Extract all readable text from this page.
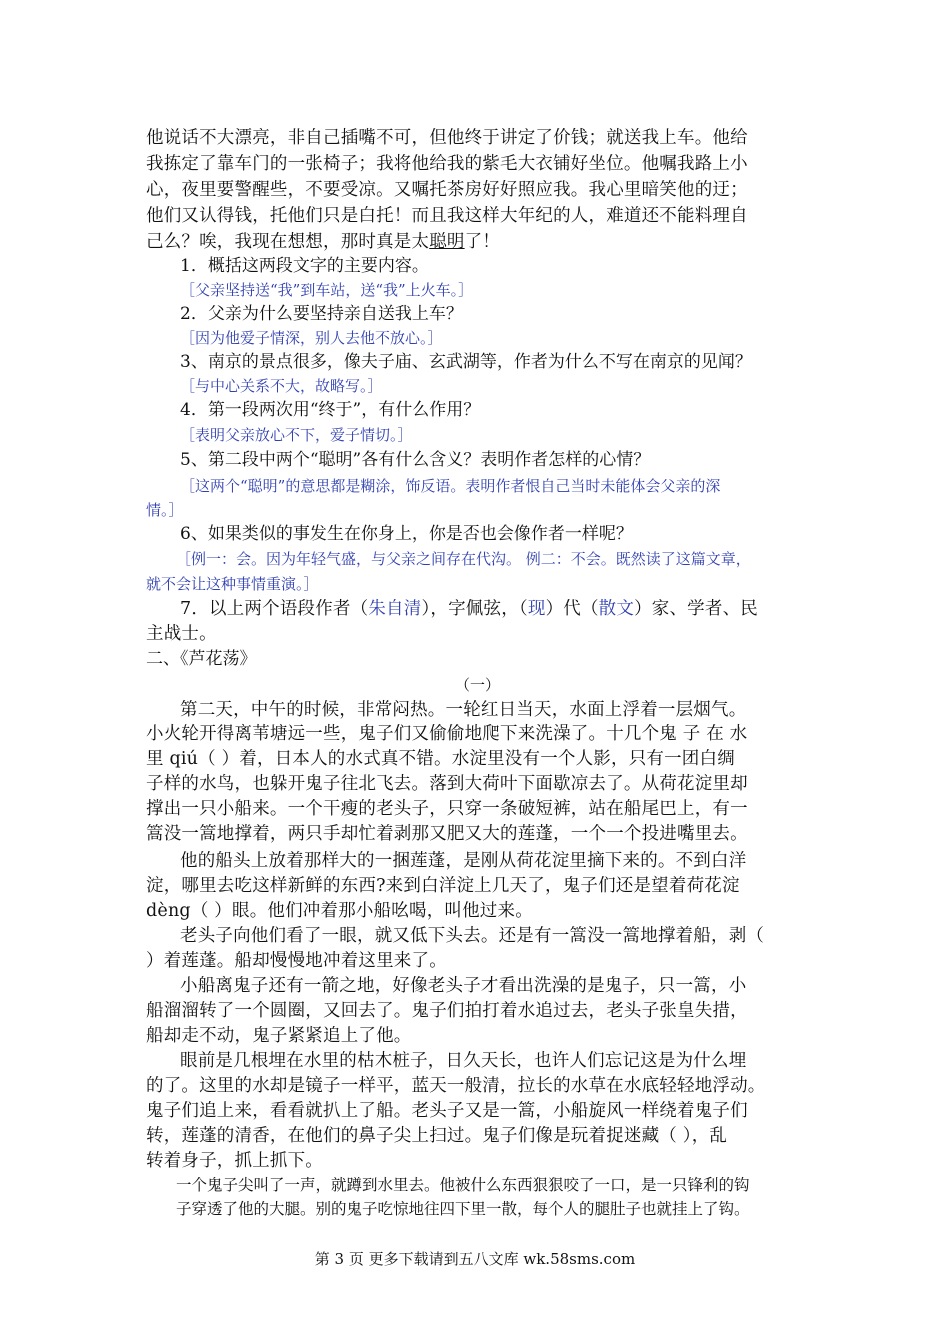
他说话不大漂亮，非自己插嘴不可，但他终于讲定了价钱；就送我上车。他给
我拣定了靠车门的一张椅子；我将他给我的紫毛大衣铺好坐位。他嘱我路上小
心，夜里要警醒些，不要受凉。又嘱托茶房好好照应我。我心里暗笑他的迂；
他们又认得钱，托他们只是白托！而且我这样大年纪的人，难道还不能料理自
己么？唉，我现在想想，那时真是太聪明了！
1．概括这两段文字的主要内容。
［父亲坚持送“我”到车站，送“我”上火车。］
2．父亲为什么要坚持亲自送我上车？
［因为他爱子情深，别人去他不放心。］
3、南京的景点很多，像夫子庙、玄武湖等，作者为什么不写在南京的见闻？
［与中心关系不大，故略写。］
4．第一段两次用“终于”，有什么作用？
［表明父亲放心不下，爱子情切。］
5、第二段中两个“聪明”各有什么含义？表明作者怎样的心情？
［这两个“聪明”的意思都是糊涂，饰反语。表明作者恨自己当时未能体会父亲的深
情。］
6、如果类似的事发生在你身上，你是否也会像作者一样呢？
［例一：会。因为年轻气盛，与父亲之间存在代沟。 例二：不会。既然读了这篇文章，
就不会让这种事情重演。］
7．以上两个语段作者（朱自清），字佩弦，（现）代（散文）家、学者、民
主战士。
二、《芦花荡》
（一）
第二天，中午的时候，非常闷热。一轮红日当天，水面上浮着一层烟气。
小火轮开得离苇塘远一些，鬼子们又偷偷地爬下来洗澡了。十几个鬼 子 在 水
里 qiú（ ）着，日本人的水式真不错。水淀里没有一个人影，只有一团白绸
子样的水鸟，也躲开鬼子往北飞去。落到大荷叶下面歇凉去了。从荷花淀里却
撑出一只小船来。一个干瘦的老头子，只穿一条破短裤，站在船尾巴上，有一
篙没一篙地撑着，两只手却忙着剥那又肥又大的莲蓬，一个一个投进嘴里去。
他的船头上放着那样大的一捆莲蓬，是刚从荷花淀里摘下来的。不到白洋
淀，哪里去吃这样新鲜的东西?来到白洋淀上几天了，鬼子们还是望着荷花淀
dèng（ ）眼。他们冲着那小船吆喝，叫他过来。
老头子向他们看了一眼，就又低下头去。还是有一篙没一篙地撑着船，剥（
）着莲蓬。船却慢慢地冲着这里来了。
小船离鬼子还有一箭之地，好像老头子才看出洗澡的是鬼子，只一篙，小
船溜溜转了一个圆圈，又回去了。鬼子们拍打着水追过去，老头子张皇失措，
船却走不动，鬼子紧紧追上了他。
眼前是几根埋在水里的枯木桩子，日久天长，也许人们忘记这是为什么埋
的了。这里的水却是镜子一样平，蓝天一般清，拉长的水草在水底轻轻地浮动。
鬼子们追上来，看看就扒上了船。老头子又是一篙，小船旋风一样绕着鬼子们
转，莲蓬的清香，在他们的鼻子尖上扫过。鬼子们像是玩着捉迷藏（ ），乱
转着身子，抓上抓下。
一个鬼子尖叫了一声，就蹲到水里去。他被什么东西狠狠咬了一口，是一只锋利的钩
子穿透了他的大腿。别的鬼子吃惊地往四下里一散，每个人的腿肚子也就挂上了钩。
第 3 页 更多下载请到五八文库 wk.58sms.com
